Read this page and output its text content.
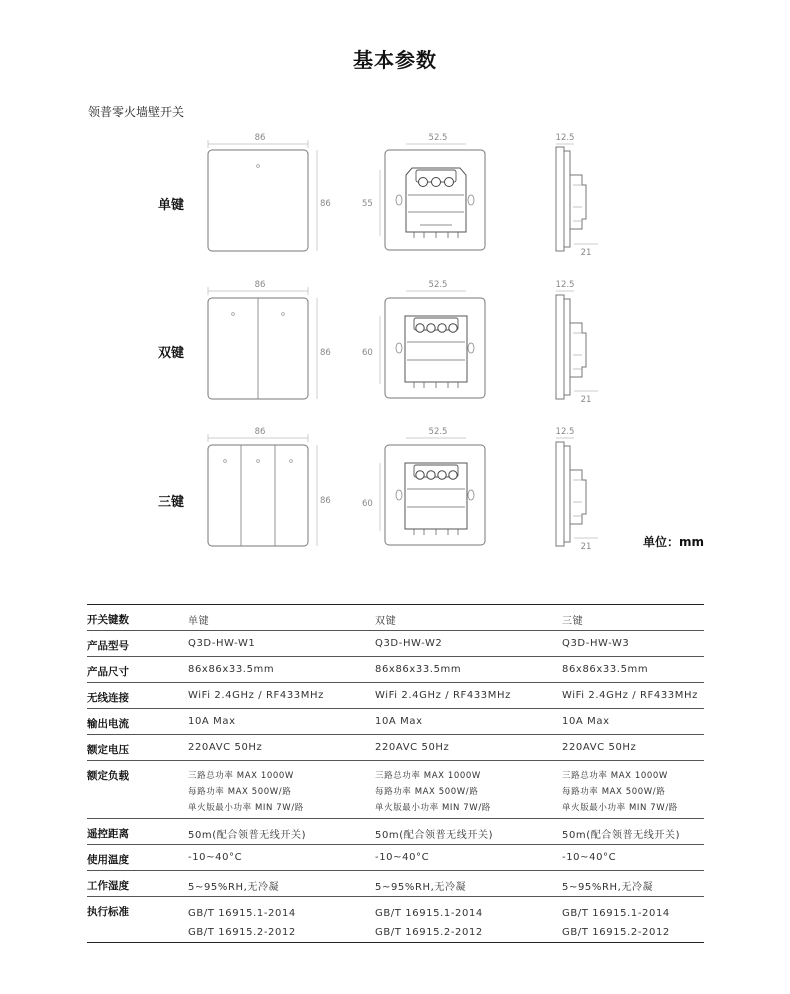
基本参数
领普零火墙壁开关
单键
双键
三键
86
86
52.5
55
12.5
21
86
86
52.5
60
12.5
21
86
86
52.5
60
12.5
21	单位：mm
开关键数	单键	双键	三键
产品型号	Q3D-HW-W1	Q3D-HW-W2	Q3D-HW-W3
产品尺寸	86x86x33.5mm	86x86x33.5mm	86x86x33.5mm
无线连接	WiFi 2.4GHz / RF433MHz	WiFi 2.4GHz / RF433MHz	WiFi 2.4GHz / RF433MHz
输出电流	10A Max	10A Max	10A Max
额定电压	220AVC 50Hz	220AVC 50Hz	220AVC 50Hz
额定负载	三路总功率 MAX 1000W
每路功率 MAX 500W/路
单火版最小功率 MIN 7W/路	三路总功率 MAX 1000W
每路功率 MAX 500W/路
单火版最小功率 MIN 7W/路	三路总功率 MAX 1000W
每路功率 MAX 500W/路
单火版最小功率 MIN 7W/路

遥控距离	50m(配合领普无线开关)	50m(配合领普无线开关)	50m(配合领普无线开关)
使用温度	-10~40°C	-10~40°C	-10~40°C
工作湿度	5~95%RH,无冷凝	5~95%RH,无冷凝	5~95%RH,无冷凝
执行标准	GB/T 16915.1-2014
GB/T 16915.2-2012	GB/T 16915.1-2014
GB/T 16915.2-2012	GB/T 16915.1-2014
GB/T 16915.2-2012
